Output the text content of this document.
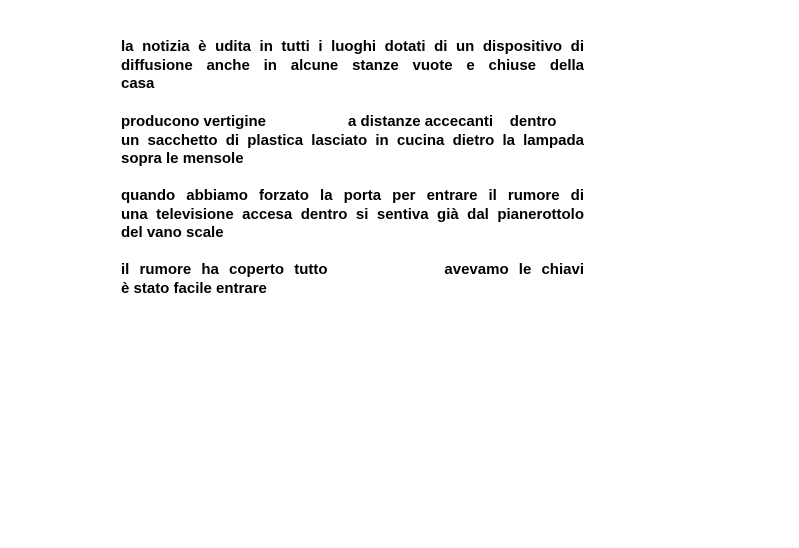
la notizia è udita in tutti i luoghi dotati di un dispositivo di
diffusione anche in alcune stanze vuote e chiuse della
casa
producono vertigine	a distanze accecanti    dentro
un sacchetto di plastica lasciato in cucina dietro la lampada
sopra le mensole
quando abbiamo forzato la porta per entrare il rumore di
una televisione accesa dentro si sentiva già dal pianerottolo
del vano scale
il rumore ha coperto tutto	avevamo le chiavi
è stato facile entrare
